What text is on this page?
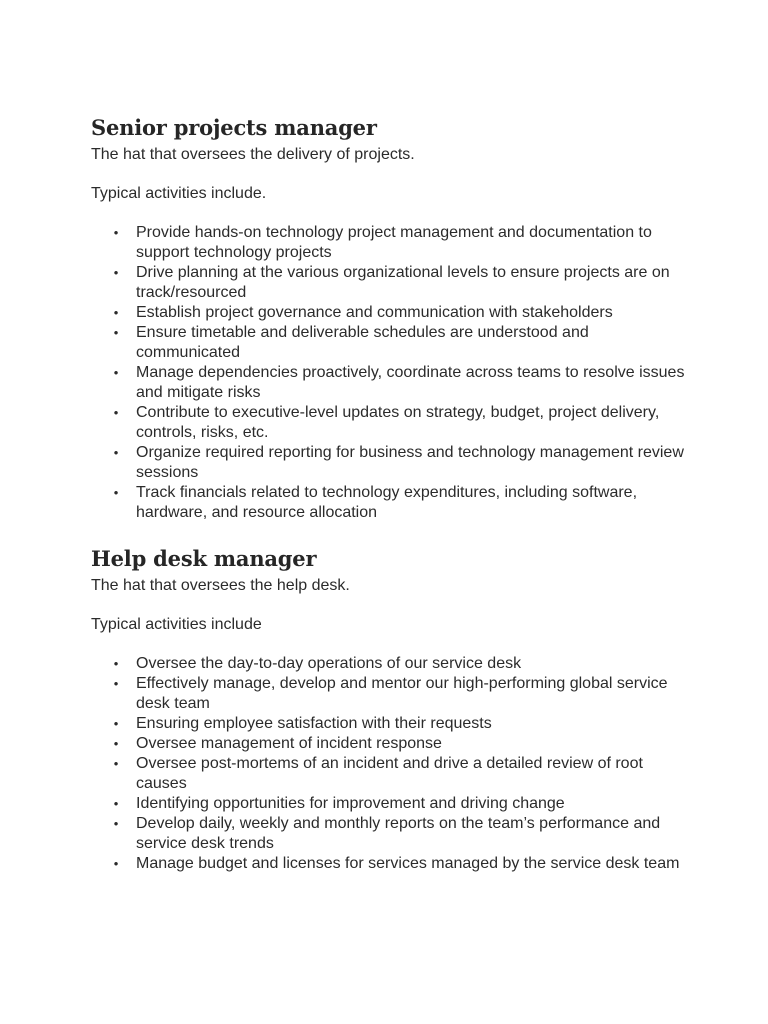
Senior projects manager

The hat that oversees the delivery of projects.

Typical activities include.

• Provide hands-on technology project management and documentation to support technology projects
• Drive planning at the various organizational levels to ensure projects are on track/resourced
• Establish project governance and communication with stakeholders
• Ensure timetable and deliverable schedules are understood and communicated
• Manage dependencies proactively, coordinate across teams to resolve issues and mitigate risks
• Contribute to executive-level updates on strategy, budget, project delivery, controls, risks, etc.
• Organize required reporting for business and technology management review sessions
• Track financials related to technology expenditures, including software, hardware, and resource allocation
Help desk manager

The hat that oversees the help desk.

Typical activities include

• Oversee the day-to-day operations of our service desk
• Effectively manage, develop and mentor our high-performing global service desk team
• Ensuring employee satisfaction with their requests
• Oversee management of incident response
• Oversee post-mortems of an incident and drive a detailed review of root causes
• Identifying opportunities for improvement and driving change
• Develop daily, weekly and monthly reports on the team’s performance and service desk trends
• Manage budget and licenses for services managed by the service desk team
